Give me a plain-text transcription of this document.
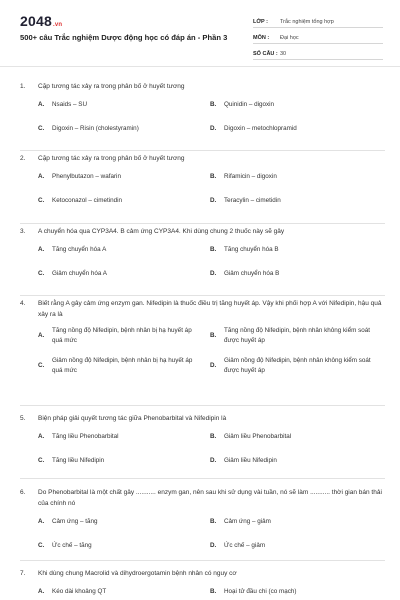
2048.vn
500+ câu Trắc nghiệm Dược động học có đáp án - Phần 3
LỚP :	Trắc nghiệm tổng hợp
MÔN :	Đại học
SỐ CÂU : 30
1. Cặp tương tác xảy ra trong phân bố ở huyết tương
A.	Nsaids – SU	B.	Quinidin – digoxin
C.	Digoxin – Risin (cholestyramin)	D.	Digoxin – metochlopramid
2. Cặp tương tác xảy ra trong phân bố ở huyết tương
A.	Phenylbutazon – wafarin	B.	Rifamicin – digoxin
C.	Ketoconazol – cimetindin	D.	Teracylin – cimetidin
3. A chuyển hóa qua CYP3A4. B cảm ứng CYP3A4. Khi dùng chung 2 thuốc này sẽ gây
A.	Tăng chuyển hóa A	B.	Tăng chuyển hóa B
C.	Giảm chuyển hóa A	D.	Giảm chuyển hóa B
4. Biết rằng A gây cảm ứng enzym gan. Nifedipin là thuốc điều trị tăng huyết áp. Vậy khi phối hợp A với Nifedipin, hậu quả xảy ra là
A.
Tăng nồng độ Nifedipin, bệnh nhân bị hạ huyết áp quá mức
B.
Tăng nồng độ Nifedipin, bệnh nhân không kiểm soát được huyết áp
C.
Giảm nồng độ Nifedipin, bệnh nhân bị hạ huyết áp quá mức
D.
Giảm nồng độ Nifedipin, bệnh nhân không kiểm soát được huyết áp
5. Biện pháp giải quyết tương tác giữa Phenobarbital và Nifedipin là
A.	Tăng liều Phenobarbital	B.	Giảm liều Phenobarbital
C.	Tăng liều Nifedipin	D.	Giảm liều Nifedipin
6. Do Phenobarbital là một chất gây ........... enzym gan, nên sau khi sử dụng vài tuần, nó sẽ làm ........... thời gian bán thải của chính nó
A.	Cảm ứng – tăng	B.	Cảm ứng – giảm
C.	Ức chế – tăng	D.	Ức chế – giảm
7. Khi dùng chung Macrolid và dihydroergotamin bệnh nhân có nguy cơ
A.	Kéo dài khoảng QT	B.	Hoại tử đầu chi (co mạch)
